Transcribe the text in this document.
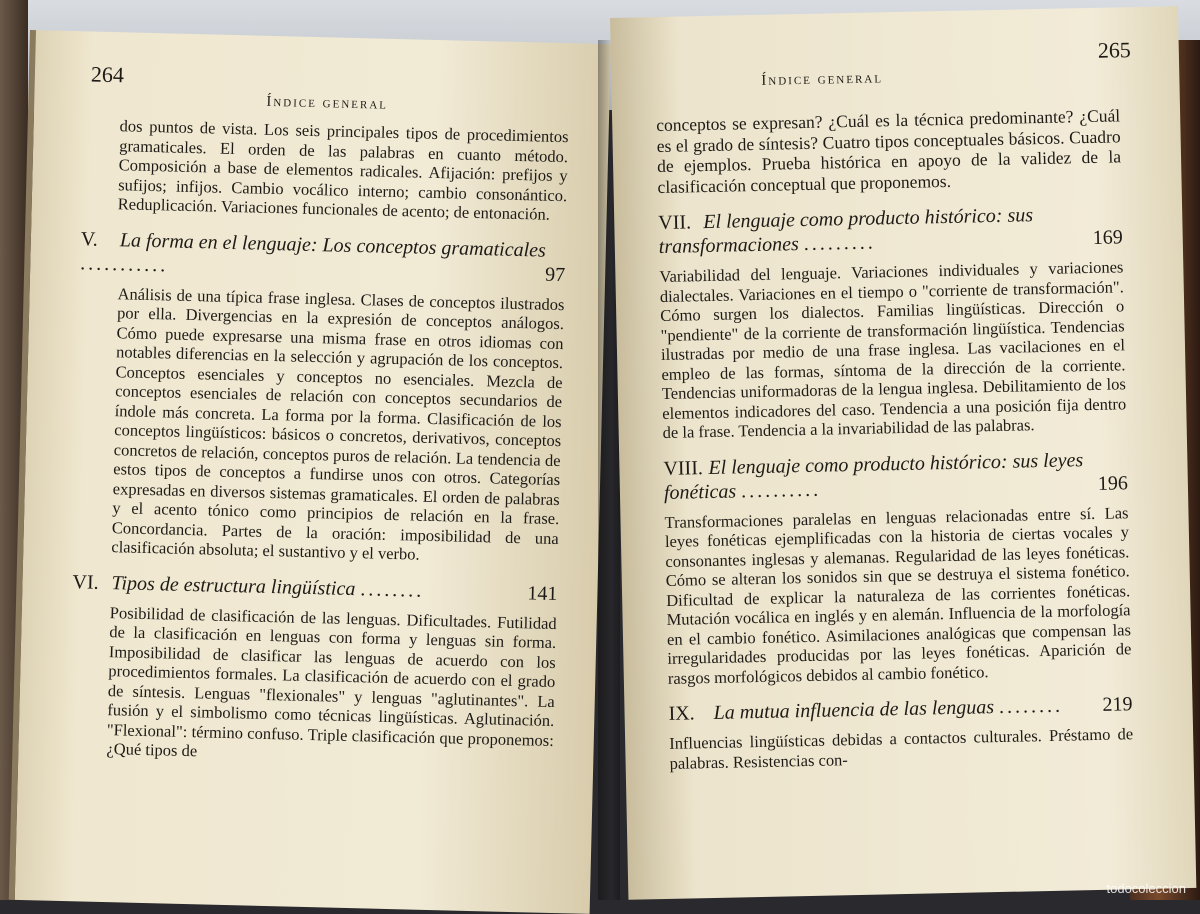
264
Índice general

dos puntos de vista. Los seis principales tipos de procedimientos gramaticales. El orden de las palabras en cuanto método. Composición a base de elementos radicales. Afijación: prefijos y sufijos; infijos. Cambio vocálico interno; cambio consonántico. Reduplicación. Variaciones funcionales de acento; de entonación.

V. La forma en el lenguaje: Los conceptos gramaticales ...........	97

Análisis de una típica frase inglesa. Clases de conceptos ilustrados por ella. Divergencias en la expresión de conceptos análogos. Cómo puede expresarse una misma frase en otros idiomas con notables diferencias en la selección y agrupación de los conceptos. Conceptos esenciales y conceptos no esenciales. Mezcla de conceptos esenciales de relación con conceptos secundarios de índole más concreta. La forma por la forma. Clasificación de los conceptos lingüísticos: básicos o concretos, derivativos, conceptos concretos de relación, conceptos puros de relación. La tendencia de estos tipos de conceptos a fundirse unos con otros. Categorías expresadas en diversos sistemas gramaticales. El orden de palabras y el acento tónico como principios de relación en la frase. Concordancia. Partes de la oración: imposibilidad de una clasificación absoluta; el sustantivo y el verbo.

VI. Tipos de estructura lingüística ........	141

Posibilidad de clasificación de las lenguas. Dificultades. Futilidad de la clasificación en lenguas con forma y lenguas sin forma. Imposibilidad de clasificar las lenguas de acuerdo con los procedimientos formales. La clasificación de acuerdo con el grado de síntesis. Lenguas "flexionales" y lenguas "aglutinantes". La fusión y el simbolismo como técnicas lingüísticas. Aglutinación. "Flexional": término confuso. Triple clasificación que proponemos: ¿Qué tipos de

265
Índice general

conceptos se expresan? ¿Cuál es la técnica predominante? ¿Cuál es el grado de síntesis? Cuatro tipos conceptuales básicos. Cuadro de ejemplos. Prueba histórica en apoyo de la validez de la clasificación conceptual que proponemos.

VII. El lenguaje como producto histórico: sus transformaciones .........	169

Variabilidad del lenguaje. Variaciones individuales y variaciones dialectales. Variaciones en el tiempo o "corriente de transformación". Cómo surgen los dialectos. Familias lingüísticas. Dirección o "pendiente" de la corriente de transformación lingüística. Tendencias ilustradas por medio de una frase inglesa. Las vacilaciones en el empleo de las formas, síntoma de la dirección de la corriente. Tendencias uniformadoras de la lengua inglesa. Debilitamiento de los elementos indicadores del caso. Tendencia a una posición fija dentro de la frase. Tendencia a la invariabilidad de las palabras.

VIII. El lenguaje como producto histórico: sus leyes fonéticas ..........	196

Transformaciones paralelas en lenguas relacionadas entre sí. Las leyes fonéticas ejemplificadas con la historia de ciertas vocales y consonantes inglesas y alemanas. Regularidad de las leyes fonéticas. Cómo se alteran los sonidos sin que se destruya el sistema fonético. Dificultad de explicar la naturaleza de las corrientes fonéticas. Mutación vocálica en inglés y en alemán. Influencia de la morfología en el cambio fonético. Asimilaciones analógicas que compensan las irregularidades producidas por las leyes fonéticas. Aparición de rasgos morfológicos debidos al cambio fonético.

IX. La mutua influencia de las lenguas ........ 219

Influencias lingüísticas debidas a contactos culturales. Préstamo de palabras. Resistencias con-

todocoleccion
